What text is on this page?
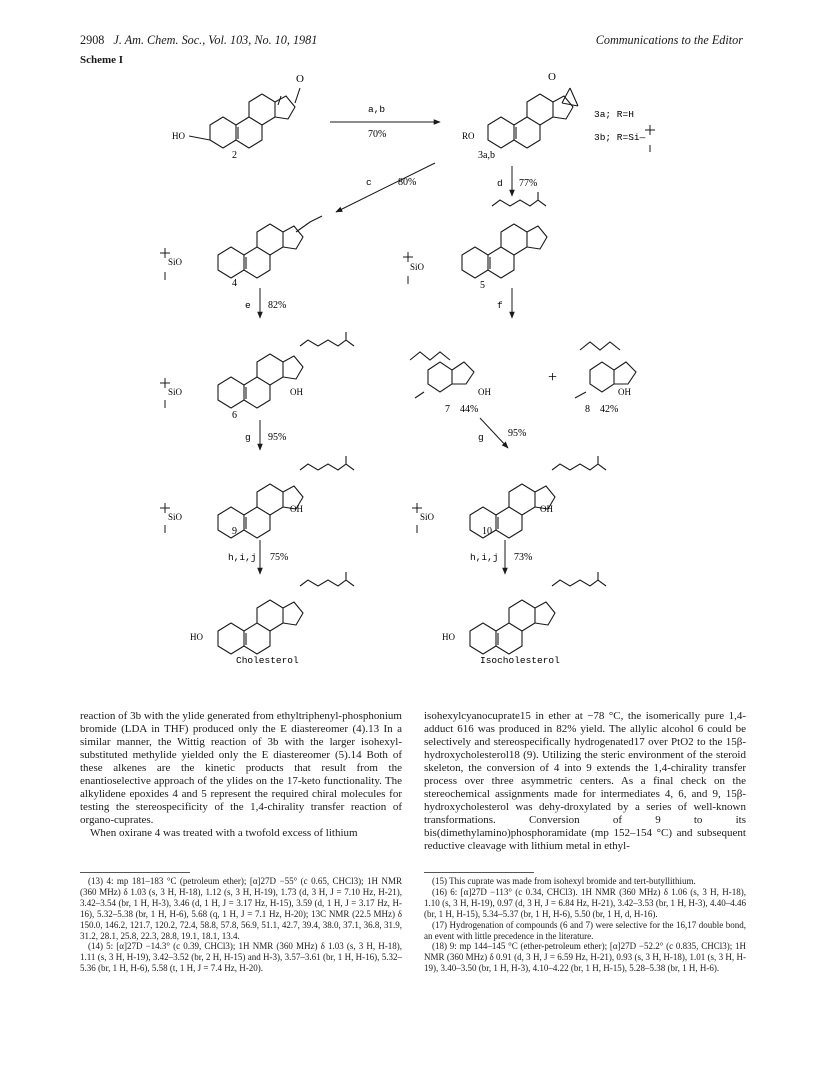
2908 J. Am. Chem. Soc., Vol. 103, No. 10, 1981	Communications to the Editor
Scheme I
O
HO
2
a,b
70%
O
RO
3a,b
3a; R=H
3b; R=Si—
c	80%	d 77%
SiO
4
SiO
5
e 82%	f
SiO	OH
6
OH
7 44%
+
OH
8 42%
g 95%	g 95%
SiO
OH
9
SiO
OH
10
h,i,j 75%	h,i,j 73%
HO
Cholesterol
HO
Isocholesterol

reaction of 3b with the ylide generated from ethyltriphenyl-phosphonium bromide (LDA in THF) produced only the E diastereomer (4).13 In a similar manner, the Wittig reaction of 3b with the larger isohexyl-substituted methylide yielded only the E diastereomer (5).14 Both of these alkenes are the kinetic products that result from the enantioselective approach of the ylides on the 17-keto functionality. The alkylidene epoxides 4 and 5 represent the required chiral molecules for testing the stereospecificity of the 1,4-chirality transfer reaction of organo-cuprates.

When oxirane 4 was treated with a twofold excess of lithium

isohexylcyanocuprate15 in ether at −78 °C, the isomerically pure 1,4-adduct 616 was produced in 82% yield. The allylic alcohol 6 could be selectively and stereospecifically hydrogenated17 over PtO2 to the 15β-hydroxycholesterol18 (9). Utilizing the steric environment of the steroid skeleton, the conversion of 4 into 9 extends the 1,4-chirality transfer process over three asymmetric centers. As a final check on the stereochemical assignments made for intermediates 4, 6, and 9, 15β-hydroxycholesterol was dehy-droxylated by a series of well-known transformations. Conversion of 9 to its bis(dimethylamino)phosphoramidate (mp 152–154 °C) and subsequent reductive cleavage with lithium metal in ethyl-

(13) 4: mp 181–183 °C (petroleum ether); [α]27D −55° (c 0.65, CHCl3); 1H NMR (360 MHz) δ 1.03 (s, 3 H, H-18), 1.12 (s, 3 H, H-19), 1.73 (d, 3 H, J = 7.10 Hz, H-21), 3.42–3.54 (br, 1 H, H-3), 3.46 (d, 1 H, J = 3.17 Hz, H-15), 3.59 (d, 1 H, J = 3.17 Hz, H-16), 5.32–5.38 (br, 1 H, H-6), 5.68 (q, 1 H, J = 7.1 Hz, H-20); 13C NMR (22.5 MHz) δ 150.0, 146.2, 121.7, 120.2, 72.4, 58.8, 57.8, 56.9, 51.1, 42.7, 39.4, 38.0, 37.1, 36.8, 31.9, 31.2, 28.1, 25.8, 22.3, 28.8, 19.1, 18.1, 13.4.

(14) 5: [α]27D −14.3° (c 0.39, CHCl3); 1H NMR (360 MHz) δ 1.03 (s, 3 H, H-18), 1.11 (s, 3 H, H-19), 3.42–3.52 (br, 2 H, H-15) and H-3), 3.57–3.61 (br, 1 H, H-16), 5.32–5.36 (br, 1 H, H-6), 5.58 (t, 1 H, J = 7.4 Hz, H-20).

(15) This cuprate was made from isohexyl bromide and tert-butyllithium.

(16) 6: [α]27D −113° (c 0.34, CHCl3). 1H NMR (360 MHz) δ 1.06 (s, 3 H, H-18), 1.10 (s, 3 H, H-19), 0.97 (d, 3 H, J = 6.84 Hz, H-21), 3.42–3.53 (br, 1 H, H-3), 4.40–4.46 (br, 1 H, H-15), 5.34–5.37 (br, 1 H, H-6), 5.50 (br, 1 H, d, H-16).

(17) Hydrogenation of compounds (6 and 7) were selective for the 16,17 double bond, an event with little precedence in the literature.

(18) 9: mp 144–145 °C (ether-petroleum ether); [α]27D −52.2° (c 0.835, CHCl3); 1H NMR (360 MHz) δ 0.91 (d, 3 H, J = 6.59 Hz, H-21), 0.93 (s, 3 H, H-18), 1.01 (s, 3 H, H-19), 3.40–3.50 (br, 1 H, H-3), 4.10–4.22 (br, 1 H, H-15), 5.28–5.38 (br, 1 H, H-6).
